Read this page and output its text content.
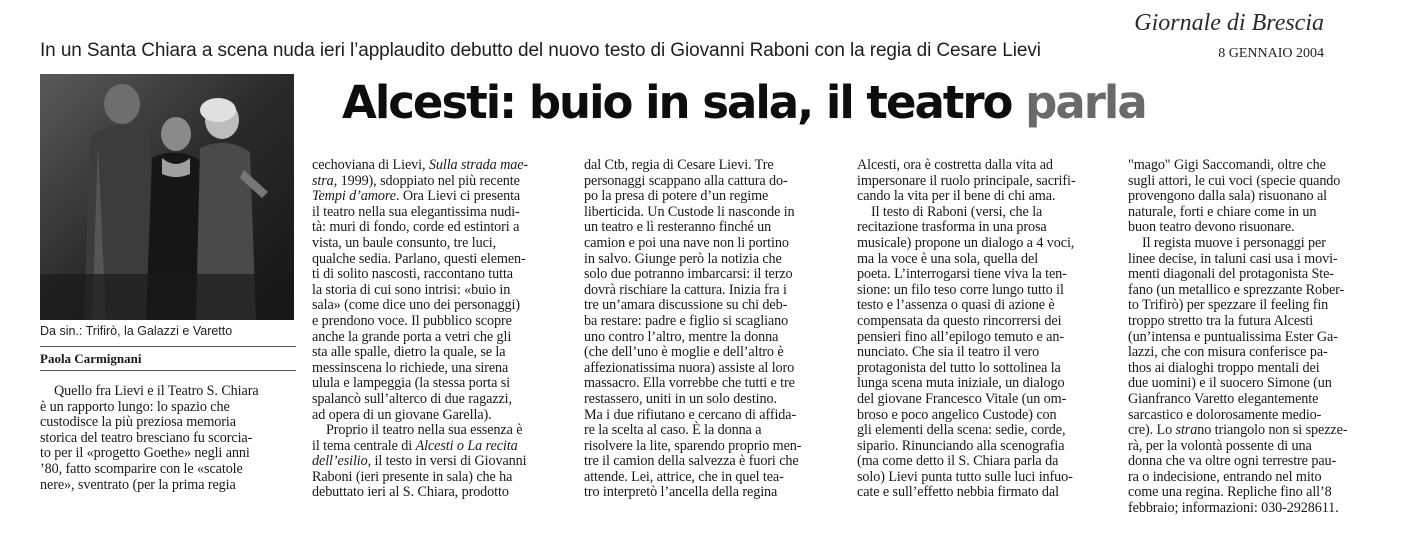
Giornale di Brescia
8 GENNAIO 2004
In un Santa Chiara a scena nuda ieri l’applaudito debutto del nuovo testo di Giovanni Raboni con la regia di Cesare Lievi
Alcesti: buio in sala, il teatro parla
Da sin.: Trifirò, la Galazzi e Varetto
Paola Carmignani

Quello fra Lievi e il Teatro S. Chiara
è un rapporto lungo: lo spazio che
custodisce la più preziosa memoria
storica del teatro bresciano fu scorcia-
to per il «progetto Goethe» negli anni
’80, fatto scomparire con le «scatole
nere», sventrato (per la prima regia

cechoviana di Lievi, Sulla strada mae-
stra, 1999), sdoppiato nel più recente
Tempi d’amore. Ora Lievi ci presenta
il teatro nella sua elegantissima nudi-
tà: muri di fondo, corde ed estintori a
vista, un baule consunto, tre luci,
qualche sedia. Parlano, questi elemen-
ti di solito nascosti, raccontano tutta
la storia di cui sono intrisi: «buio in
sala» (come dice uno dei personaggi)
e prendono voce. Il pubblico scopre
anche la grande porta a vetri che gli
sta alle spalle, dietro la quale, se la
messinscena lo richiede, una sirena
ulula e lampeggia (la stessa porta si
spalancò sull’alterco di due ragazzi,
ad opera di un giovane Garella).

Proprio il teatro nella sua essenza è
il tema centrale di Alcesti o La recita
dell’esilio, il testo in versi di Giovanni
Raboni (ieri presente in sala) che ha
debuttato ieri al S. Chiara, prodotto

dal Ctb, regia di Cesare Lievi. Tre
personaggi scappano alla cattura do-
po la presa di potere d’un regime
liberticida. Un Custode li nasconde in
un teatro e lì resteranno finché un
camion e poi una nave non li portino
in salvo. Giunge però la notizia che
solo due potranno imbarcarsi: il terzo
dovrà rischiare la cattura. Inizia fra i
tre un’amara discussione su chi deb-
ba restare: padre e figlio si scagliano
uno contro l’altro, mentre la donna
(che dell’uno è moglie e dell’altro è
affezionatissima nuora) assiste al loro
massacro. Ella vorrebbe che tutti e tre
restassero, uniti in un solo destino.
Ma i due rifiutano e cercano di affida-
re la scelta al caso. È la donna a
risolvere la lite, sparendo proprio men-
tre il camion della salvezza è fuori che
attende. Lei, attrice, che in quel tea-
tro interpretò l’ancella della regina

Alcesti, ora è costretta dalla vita ad
impersonare il ruolo principale, sacrifi-
cando la vita per il bene di chi ama.

Il testo di Raboni (versi, che la
recitazione trasforma in una prosa
musicale) propone un dialogo a 4 voci,
ma la voce è una sola, quella del
poeta. L’interrogarsi tiene viva la ten-
sione: un filo teso corre lungo tutto il
testo e l’assenza o quasi di azione è
compensata da questo rincorrersi dei
pensieri fino all’epilogo temuto e an-
nunciato. Che sia il teatro il vero
protagonista del tutto lo sottolinea la
lunga scena muta iniziale, un dialogo
del giovane Francesco Vitale (un om-
broso e poco angelico Custode) con
gli elementi della scena: sedie, corde,
sipario. Rinunciando alla scenografia
(ma come detto il S. Chiara parla da
solo) Lievi punta tutto sulle luci infuo-
cate e sull’effetto nebbia firmato dal

"mago" Gigi Saccomandi, oltre che
sugli attori, le cui voci (specie quando
provengono dalla sala) risuonano al
naturale, forti e chiare come in un
buon teatro devono risuonare.

Il regista muove i personaggi per
linee decise, in taluni casi usa i movi-
menti diagonali del protagonista Ste-
fano (un metallico e sprezzante Rober-
to Trifirò) per spezzare il feeling fin
troppo stretto tra la futura Alcesti
(un’intensa e puntualissima Ester Ga-
lazzi, che con misura conferisce pa-
thos ai dialoghi troppo mentali dei
due uomini) e il suocero Simone (un
Gianfranco Varetto elegantemente
sarcastico e dolorosamente medio-
cre). Lo strano triangolo non si spezze-
rà, per la volontà possente di una
donna che va oltre ogni terrestre pau-
ra o indecisione, entrando nel mito
come una regina. Repliche fino all’8
febbraio; informazioni: 030-2928611.
